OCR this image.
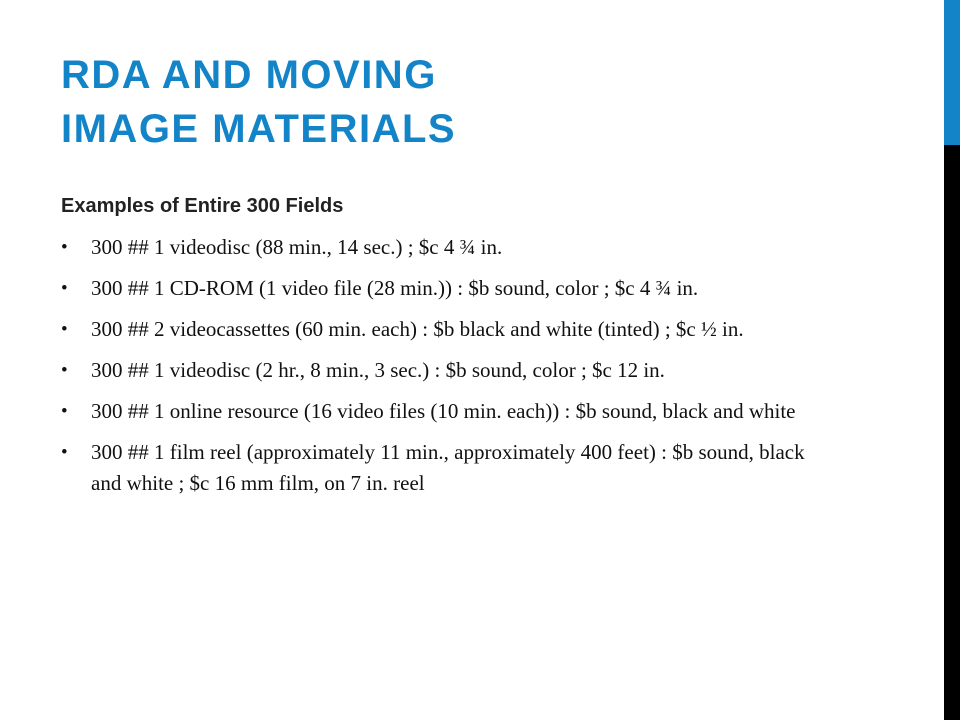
RDA AND MOVING
IMAGE MATERIALS
Examples of Entire 300 Fields
•	300 ## 1 videodisc (88 min., 14 sec.) ; $c 4 ¾ in.
•	300 ## 1 CD-ROM (1 video file (28 min.)) : $b sound, color ; $c 4 ¾ in.
•	300 ## 2 videocassettes (60 min. each) : $b black and white (tinted) ; $c ½ in.
•	300 ## 1 videodisc (2 hr., 8 min., 3 sec.) : $b sound, color ; $c 12 in.
•	300 ## 1 online resource (16 video files (10 min. each)) : $b sound, black and white
•	300 ## 1 film reel (approximately 11 min., approximately 400 feet) : $b sound, black and white ; $c 16 mm film, on 7 in. reel
